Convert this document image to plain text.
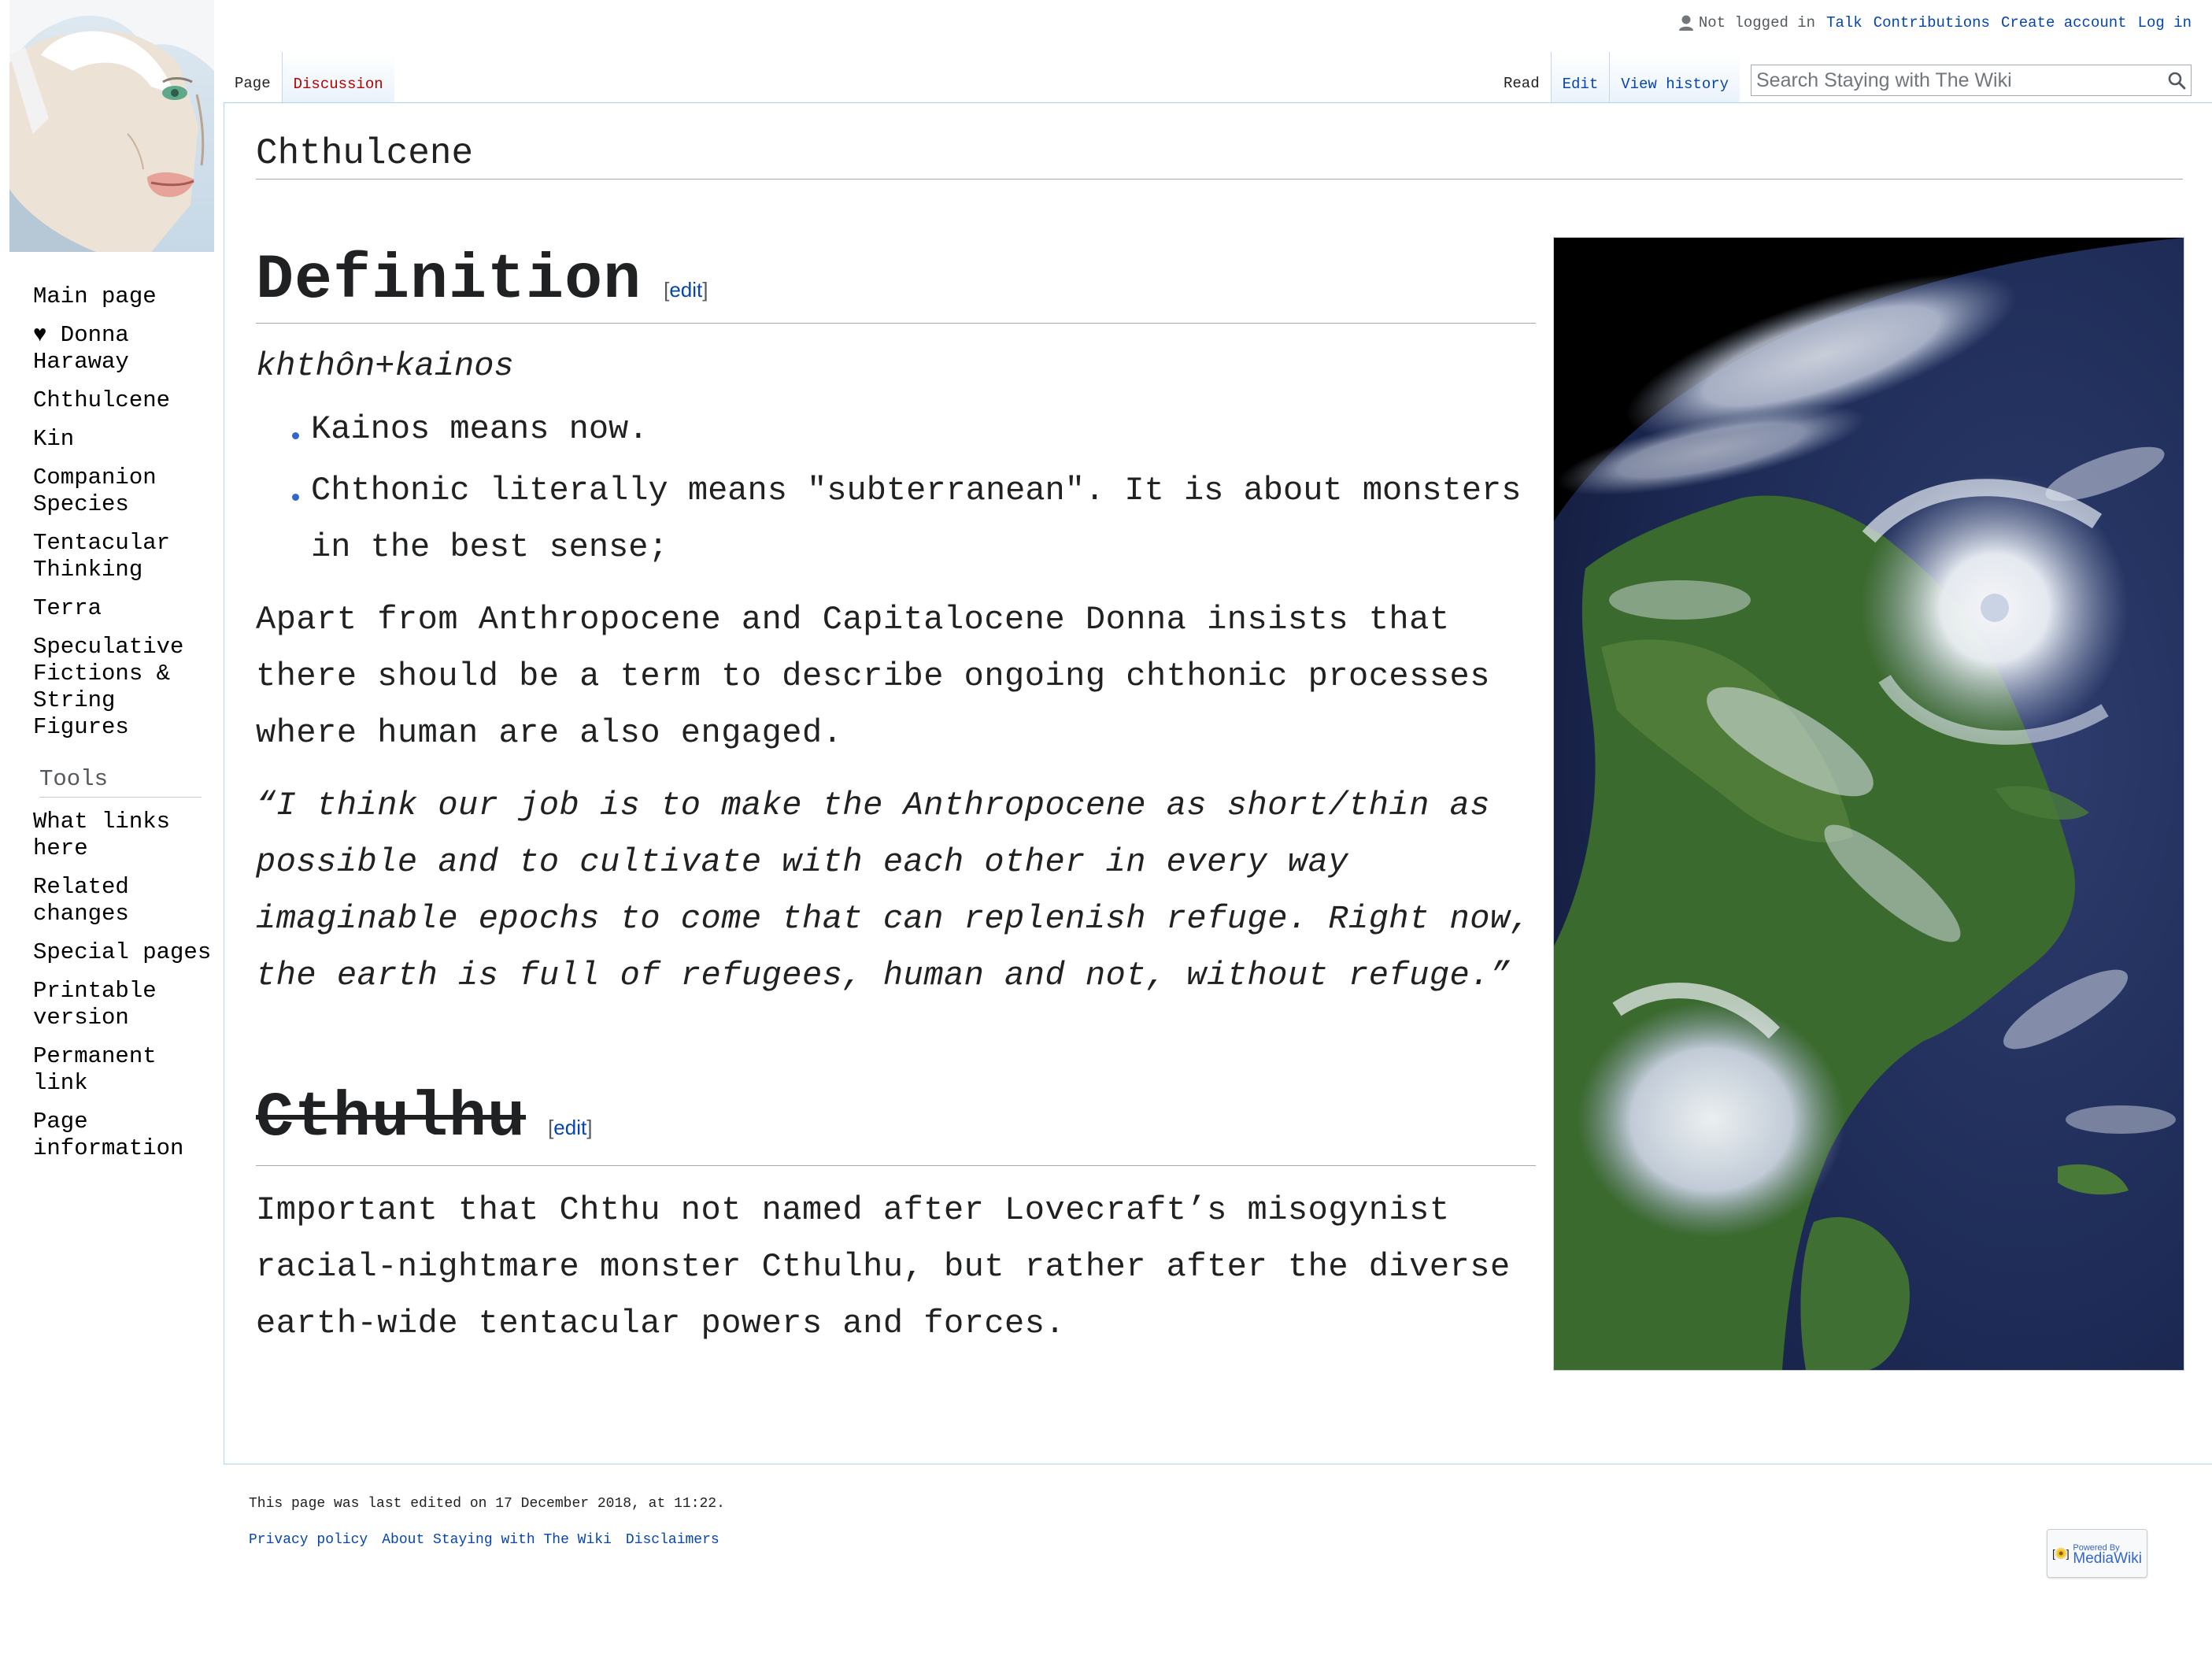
Not logged in Talk Contributions Create account Log in
Page Discussion	Read Edit View history
Search Staying with The Wiki
Chthulcene
Definition [edit]
khthôn+kainos
Kainos means now.
Chthonic literally means "subterranean". It is about monsters in the best sense;

Apart from Anthropocene and Capitalocene Donna insists that there should be a term to describe ongoing chthonic processes where human are also engaged.

“I think our job is to make the Anthropocene as short/thin as possible and to cultivate with each other in every way imaginable epochs to come that can replenish refuge. Right now, the earth is full of refugees, human and not, without refuge.”

Cthulhu [edit]

Important that Chthu not named after Lovecraft’s misogynist racial-nightmare monster Cthulhu, but rather after the diverse earth-wide tentacular powers and forces.

Main page
♥ Donna Haraway
Chthulcene
Kin
Companion Species
Tentacular Thinking
Terra
Speculative Fictions & String Figures
Tools
What links here
Related changes
Special pages
Printable version
Permanent link
Page information

This page was last edited on 17 December 2018, at 11:22.

Privacy policy About Staying with The Wiki Disclaimers
[ ]
Powered By
MediaWiki
